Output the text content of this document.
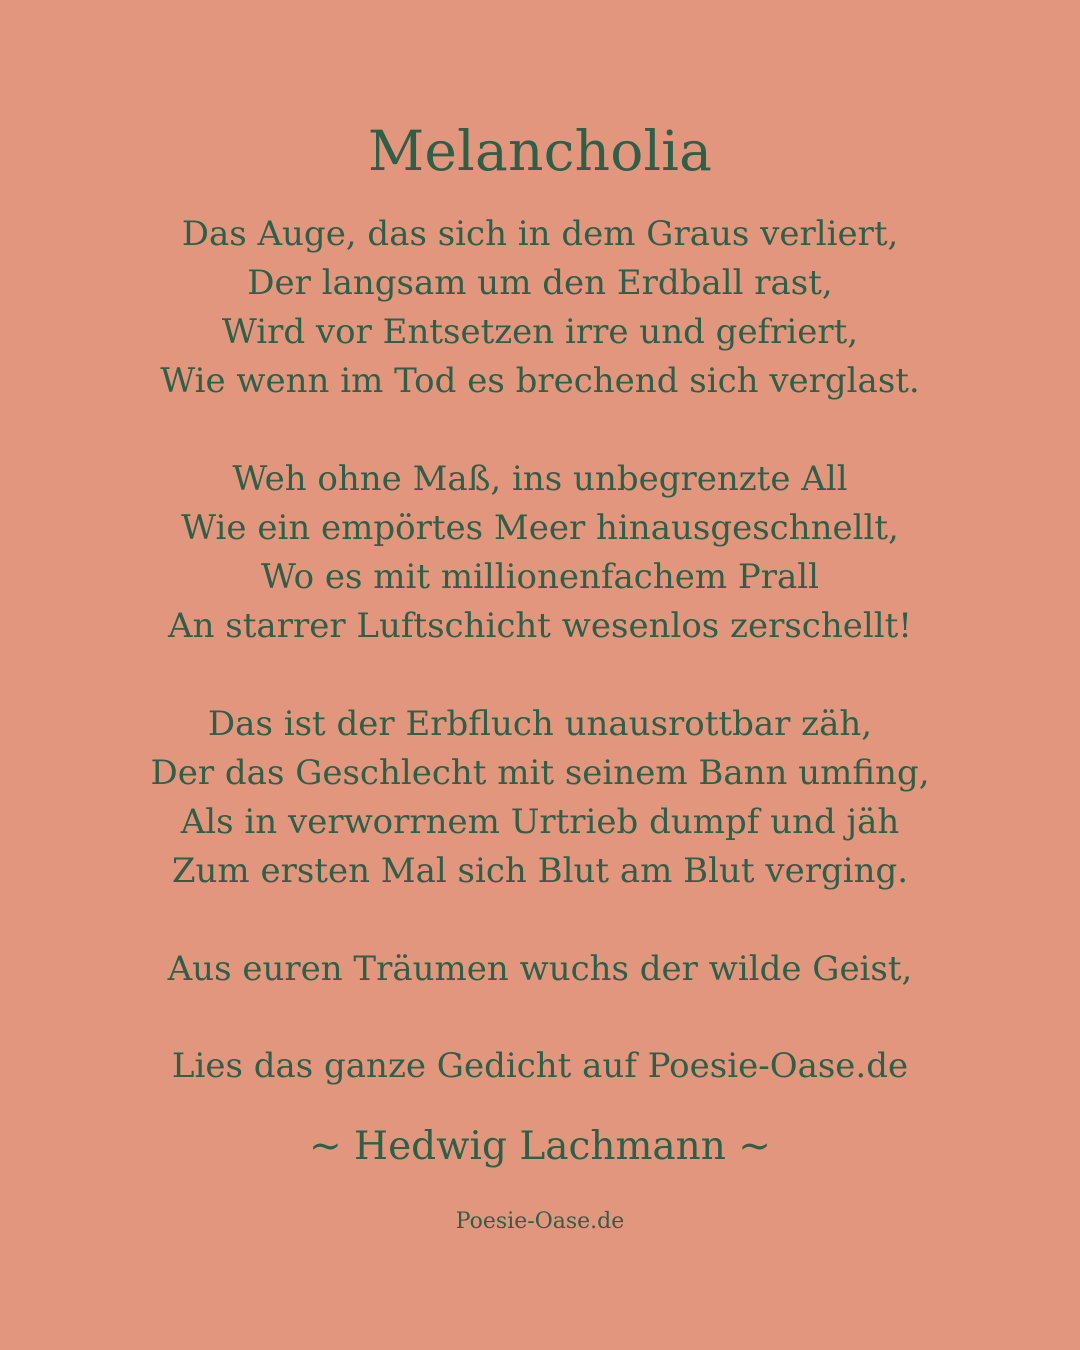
Melancholia
Das Auge, das sich in dem Graus verliert,
Der langsam um den Erdball rast,
Wird vor Entsetzen irre und gefriert,
Wie wenn im Tod es brechend sich verglast.
Weh ohne Maß, ins unbegrenzte All
Wie ein empörtes Meer hinausgeschnellt,
Wo es mit millionenfachem Prall
An starrer Luftschicht wesenlos zerschellt!
Das ist der Erbfluch unausrottbar zäh,
Der das Geschlecht mit seinem Bann umfing,
Als in verworrnem Urtrieb dumpf und jäh
Zum ersten Mal sich Blut am Blut verging.
Aus euren Träumen wuchs der wilde Geist,
Lies das ganze Gedicht auf Poesie-Oase.de
~ Hedwig Lachmann ~
Poesie-Oase.de
